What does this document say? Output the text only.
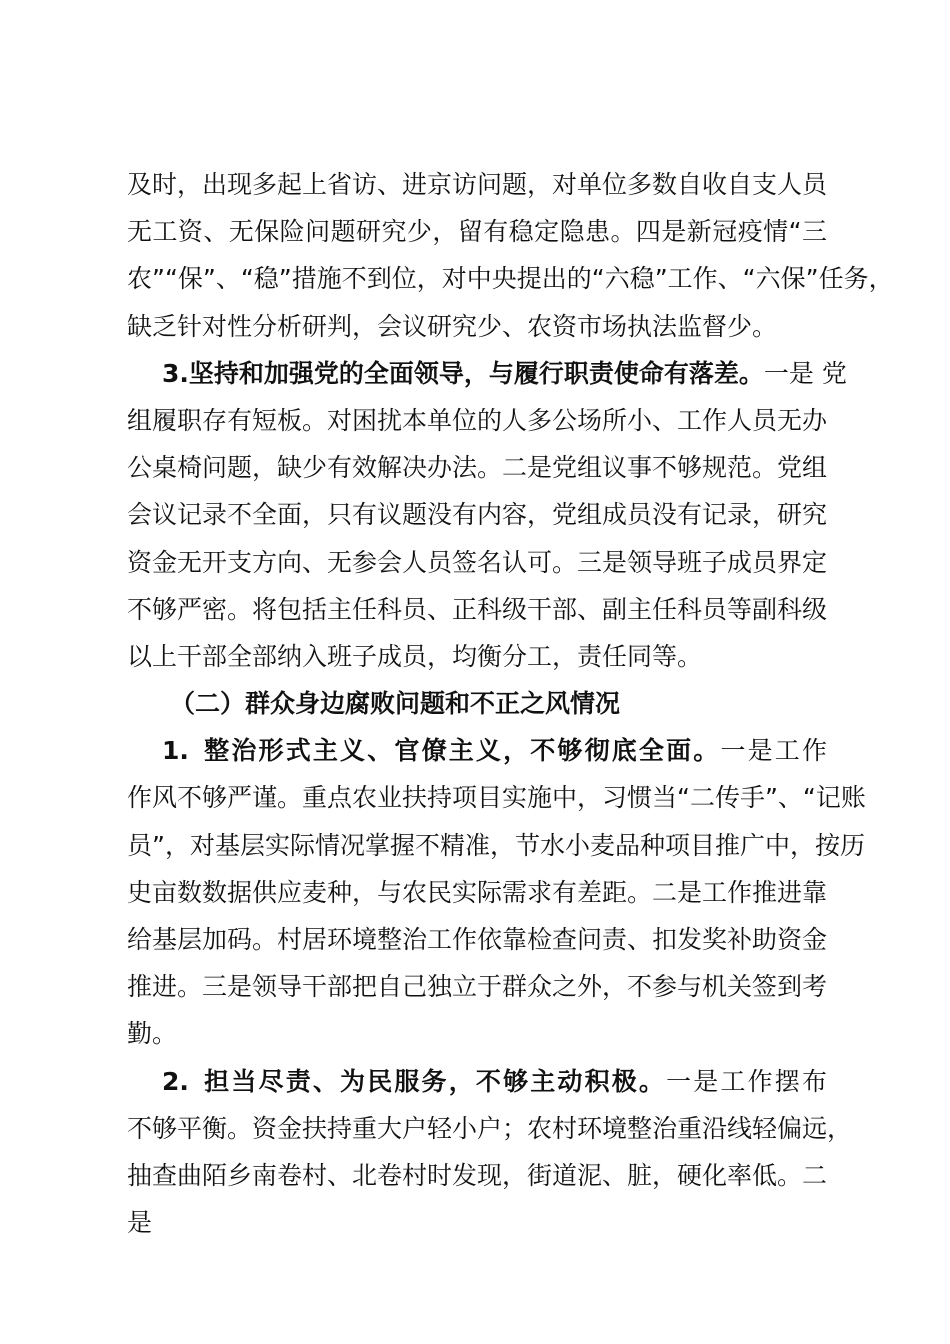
及时，出现多起上省访、进京访问题，对单位多数自收自支人员
无工资、无保险问题研究少，留有稳定隐患。四是新冠疫情“三
农”“保”、“稳”措施不到位，对中央提出的“六稳”工作、“六保”任务，
缺乏针对性分析研判，会议研究少、农资市场执法监督少。
3.坚持和加强党的全面领导，与履行职责使命有落差。一是 党
组履职存有短板。对困扰本单位的人多公场所小、工作人员无办
公桌椅问题，缺少有效解决办法。二是党组议事不够规范。党组
会议记录不全面，只有议题没有内容，党组成员没有记录，研究
资金无开支方向、无参会人员签名认可。三是领导班子成员界定
不够严密。将包括主任科员、正科级干部、副主任科员等副科级
以上干部全部纳入班子成员，均衡分工，责任同等。
（二）群众身边腐败问题和不正之风情况
1. 整治形式主义、官僚主义，不够彻底全面。一是工作
作风不够严谨。重点农业扶持项目实施中，习惯当“二传手”、“记账
员”，对基层实际情况掌握不精准，节水小麦品种项目推广中，按历
史亩数数据供应麦种，与农民实际需求有差距。二是工作推进靠
给基层加码。村居环境整治工作依靠检查问责、扣发奖补助资金
推进。三是领导干部把自己独立于群众之外，不参与机关签到考
勤。
2. 担当尽责、为民服务，不够主动积极。一是工作摆布
不够平衡。资金扶持重大户轻小户；农村环境整治重沿线轻偏远，
抽查曲陌乡南卷村、北卷村时发现，街道泥、脏，硬化率低。二
是
